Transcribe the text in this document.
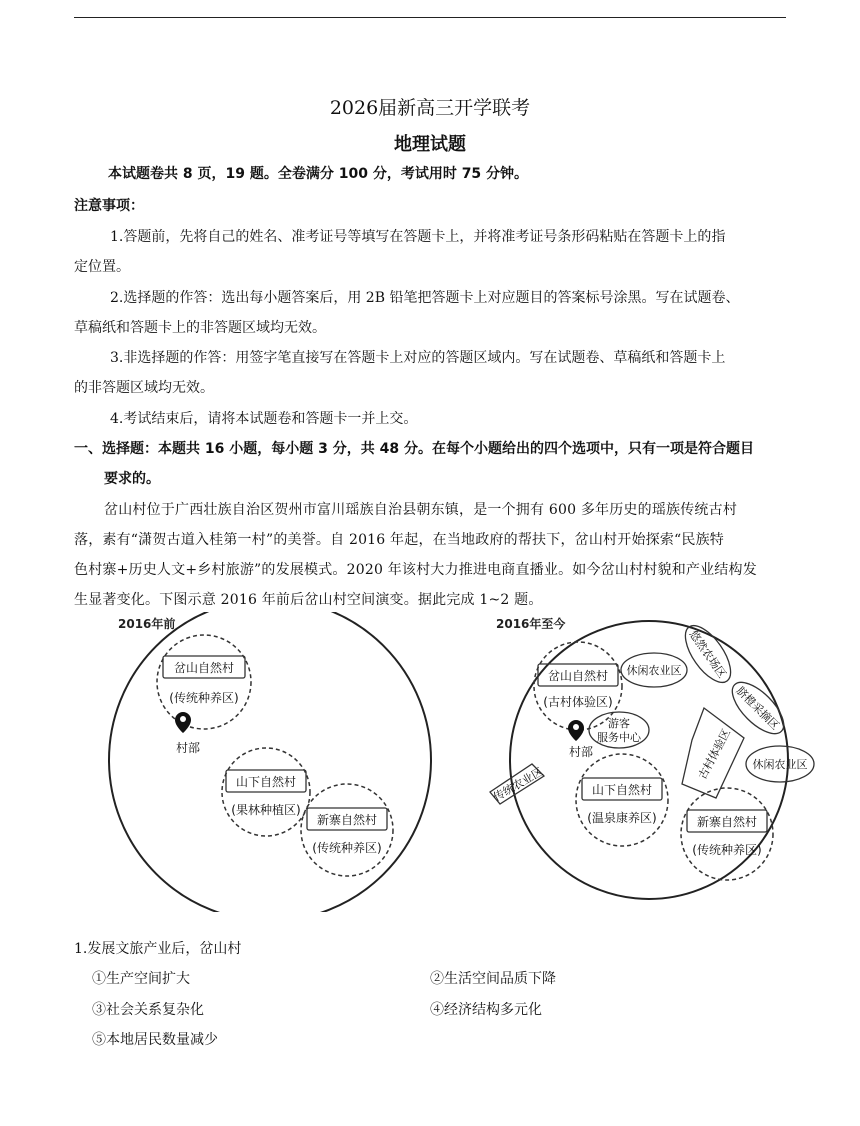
2026届新高三开学联考
地理试题
本试题卷共 8 页，19 题。全卷满分 100 分，考试用时 75 分钟。
注意事项：
1.答题前，先将自己的姓名、准考证号等填写在答题卡上，并将准考证号条形码粘贴在答题卡上的指
定位置。
2.选择题的作答：选出每小题答案后，用 2B 铅笔把答题卡上对应题目的答案标号涂黑。写在试题卷、
草稿纸和答题卡上的非答题区域均无效。
3.非选择题的作答：用签字笔直接写在答题卡上对应的答题区域内。写在试题卷、草稿纸和答题卡上
的非答题区域均无效。
4.考试结束后，请将本试题卷和答题卡一并上交。
一、选择题：本题共 16 小题，每小题 3 分，共 48 分。在每个小题给出的四个选项中，只有一项是符合题目
要求的。
岔山村位于广西壮族自治区贺州市富川瑶族自治县朝东镇，是一个拥有 600 多年历史的瑶族传统古村
落，素有“潇贺古道入桂第一村”的美誉。自 2016 年起，在当地政府的帮扶下，岔山村开始探索“民族特
色村寨+历史人文+乡村旅游”的发展模式。2020 年该村大力推进电商直播业。如今岔山村村貌和产业结构发
生显著变化。下图示意 2016 年前后岔山村空间演变。据此完成 1~2 题。
2016年前
岔山自然村
(传统种养区)
村部
山下自然村
(果林种植区)
新寨自然村
(传统种养区)
2016年至今
岔山自然村
(古村体验区)
休闲农业区 悠然农场区
脐橙采摘区
游客
服务中心
村部	古村体验区
传统农业区
休闲农业区
山下自然村
(温泉康养区)	新寨自然村
(传统种养区)
1.发展文旅产业后，岔山村
①生产空间扩大	②生活空间品质下降
③社会关系复杂化	④经济结构多元化
⑤本地居民数量减少
